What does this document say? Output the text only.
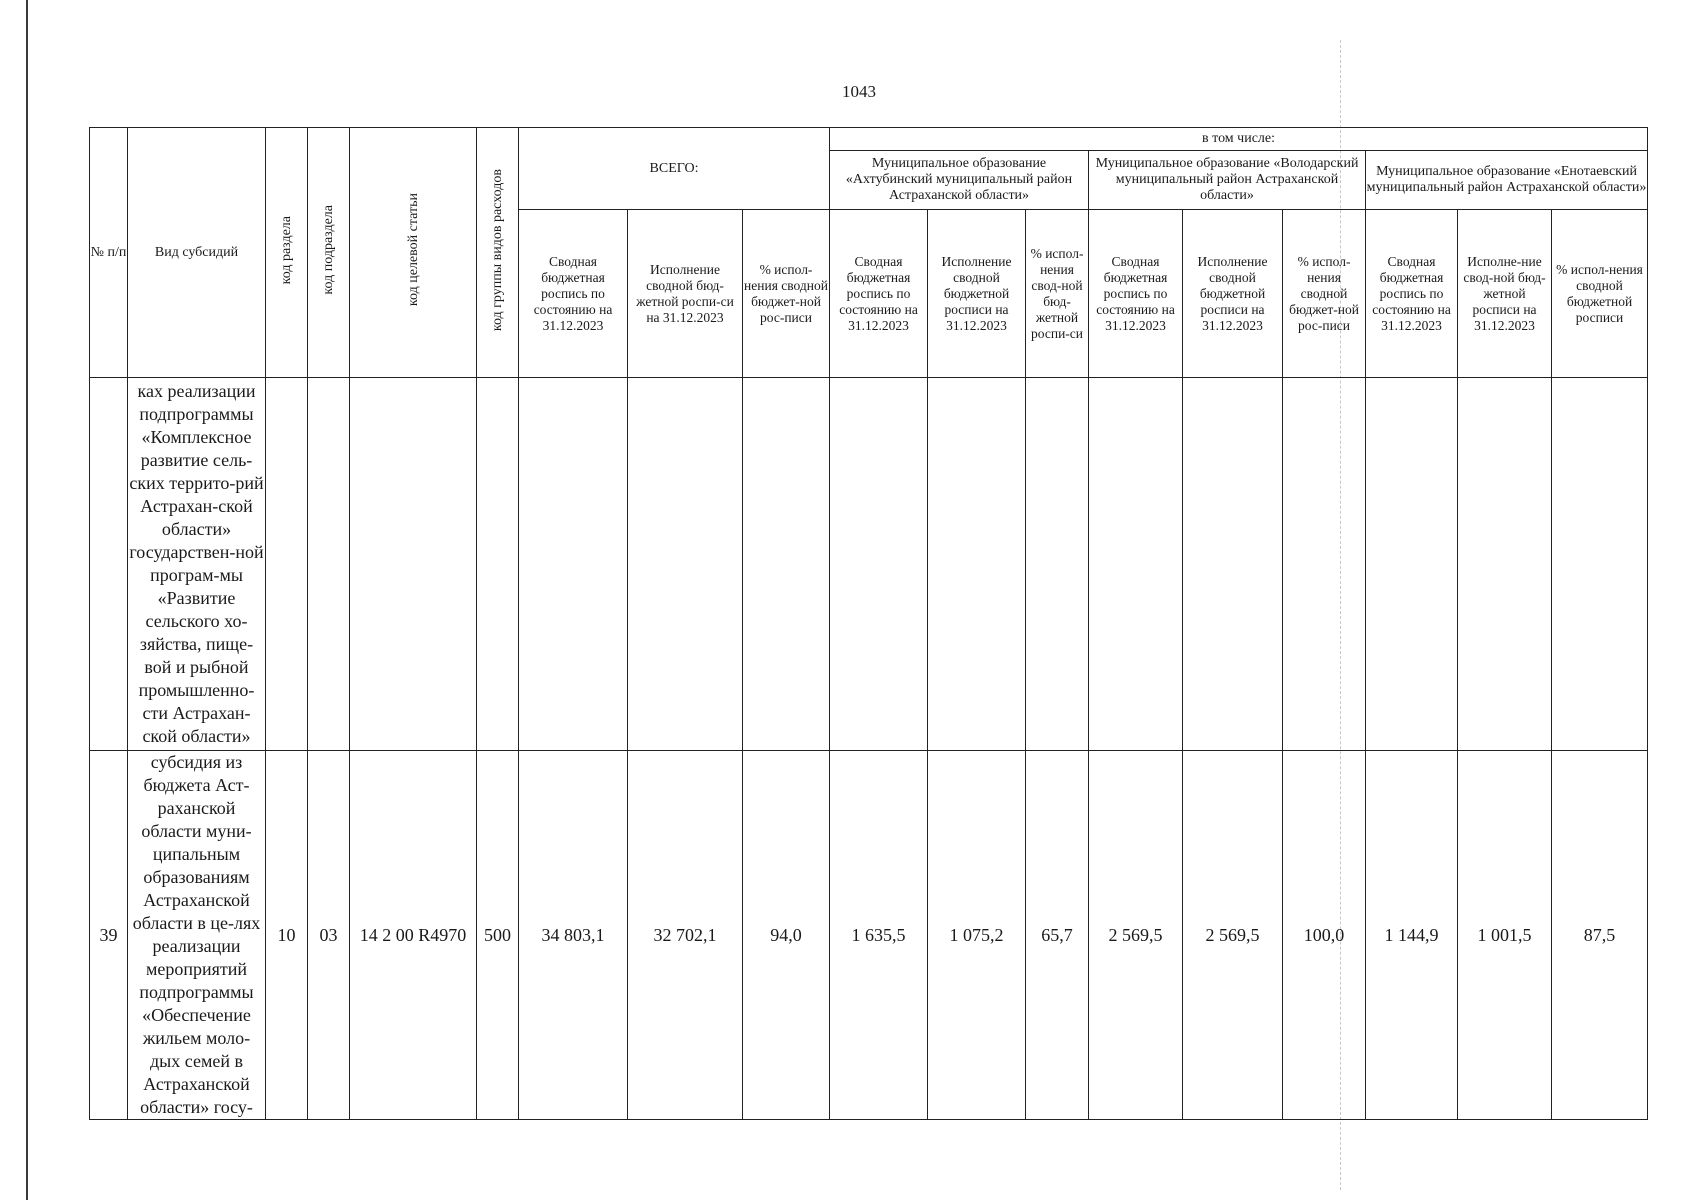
1043
№ п/п	Вид субсидий	код раздела	код подраздела	код целевой статьи	код группы видов расходов	ВСЕГО:			в том числе:								
									Муниципальное образование «Ахтубинский муниципальный район Астраханской области»			Муниципальное образование «Володарский муниципальный район Астраханской области»			Муниципальное образование «Енотаевский муниципальный район Астраханской области»		
						Сводная бюджетная роспись по состоянию на 31.12.2023	Исполнение сводной бюд-жетной роспи-си на 31.12.2023	% испол-нения сводной бюджет-ной рос-писи	Сводная бюджетная роспись по состоянию на 31.12.2023	Исполнение сводной бюджетной росписи на 31.12.2023	% испол-нения свод-ной бюд-жетной роспи-си	Сводная бюджетная роспись по состоянию на 31.12.2023	Исполнение сводной бюджетной росписи на 31.12.2023	% испол-нения сводной бюджет-ной рос-писи	Сводная бюджетная роспись по состоянию на 31.12.2023	Исполне-ние свод-ной бюд-жетной росписи на 31.12.2023	% испол-нения сводной бюджетной росписи
	ках реализации подпрограммы «Комплексное развитие сель-ских террито-рий Астрахан-ской области» государствен-ной програм-мы «Развитие сельского хо-зяйства, пище-вой и рыбной промышленно-сти Астрахан-ской области»																
39	субсидия из бюджета Аст-раханской области муни-ципальным образованиям Астраханской области в це-лях реализации мероприятий подпрограммы «Обеспечение жильем моло-дых семей в Астраханской области» госу-	10	03	14 2 00 R4970	500	34 803,1	32 702,1	94,0	1 635,5	1 075,2	65,7	2 569,5	2 569,5	100,0	1 144,9	1 001,5	87,5
